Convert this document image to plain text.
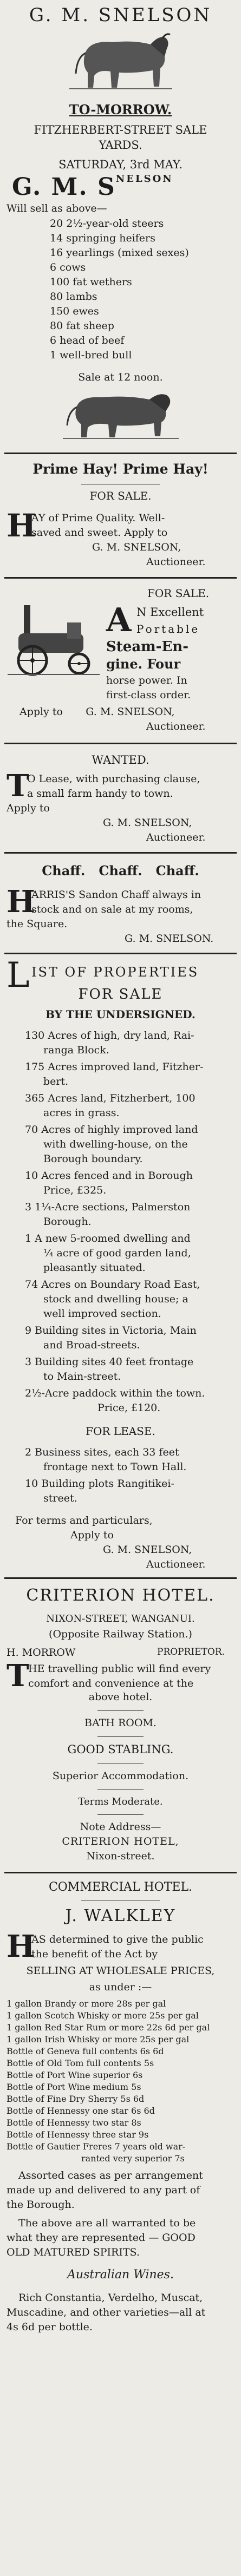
G. M. SNELSON
TO-MORROW.
FITZHERBERT-STREET SALE
YARDS.
SATURDAY, 3rd MAY.
G. M. $S^{NELSON}$
Will sell as above—
20 2½-year-old steers
14 springing heifers
16 yearlings (mixed sexes)
6 cows
100 fat wethers
80 lambs
150 ewes
80 fat sheep
6 head of beef
1 well-bred bull
Sale at 12 noon.
Prime Hay! Prime Hay!
FOR SALE.
H
AY of Prime Quality. Well-
saved and sweet. Apply to
G. M. SNELSON,
Auctioneer.
FOR SALE.
A N Excellent
Portable
Steam-En-
gine. Four
horse power. In
first-class order.
Apply to       G. M. SNELSON,
Auctioneer.
WANTED.
T
O Lease, with purchasing clause,
a small farm handy to town.
Apply to
G. M. SNELSON,
Auctioneer.
Chaff.   Chaff.   Chaff.
H
ARRIS'S Sandon Chaff always in
stock and on sale at my rooms,
the Square.
G. M. SNELSON.
L IST OF PROPERTIES
FOR SALE
BY THE UNDERSIGNED.
130 Acres of high, dry land, Rai-
ranga Block.
175 Acres improved land, Fitzher-
bert.
365 Acres land, Fitzherbert, 100
acres in grass.
70 Acres of highly improved land
with dwelling-house, on the
Borough boundary.
10 Acres fenced and in Borough
Price, £325.
3 1¼-Acre sections, Palmerston
Borough.
1 A new 5-roomed dwelling and
¼ acre of good garden land,
pleasantly situated.
74 Acres on Boundary Road East,
stock and dwelling house; a
well improved section.
9 Building sites in Victoria, Main
and Broad-streets.
3 Building sites 40 feet frontage
to Main-street.
2½-Acre paddock within the town.
Price, £120.
FOR LEASE.
2 Business sites, each 33 feet
frontage next to Town Hall.
10 Building plots Rangitikei-
street.
For terms and particulars,
Apply to
G. M. SNELSON,
Auctioneer.
CRITERION HOTEL.
NIXON-STREET, WANGANUI.
(Opposite Railway Station.)
H. MORROW	PROPRIETOR.
T
HE travelling public will find every
comfort and convenience at the
above hotel.
BATH ROOM.
GOOD STABLING.
Superior Accommodation.
Terms Moderate.
Note Address—
CRITERION HOTEL,
Nixon-street.
COMMERCIAL HOTEL.
J. WALKLEY
H
AS determined to give the public
the benefit of the Act by
SELLING AT WHOLESALE PRICES,
as under :—
1 gallon Brandy or more 28s per gal
1 gallon Scotch Whisky or more 25s per gal
1 gallon Red Star Rum or more 22s 6d per gal
1 gallon Irish Whisky or more 25s per gal
Bottle of Geneva full contents 6s 6d
Bottle of Old Tom full contents 5s
Bottle of Port Wine superior 6s
Bottle of Port Wine medium 5s
Bottle of Fine Dry Sherry 5s 6d
Bottle of Hennessy one star 6s 6d
Bottle of Hennessy two star 8s
Bottle of Hennessy three star 9s
Bottle of Gautier Freres 7 years old war-
ranted very superior 7s
Assorted cases as per arrangement
made up and delivered to any part of
the Borough.
The above are all warranted to be
what they are represented — GOOD
OLD MATURED SPIRITS.
Australian Wines.
Rich Constantia, Verdelho, Muscat,
Muscadine, and other varieties—all at
4s 6d per bottle.
